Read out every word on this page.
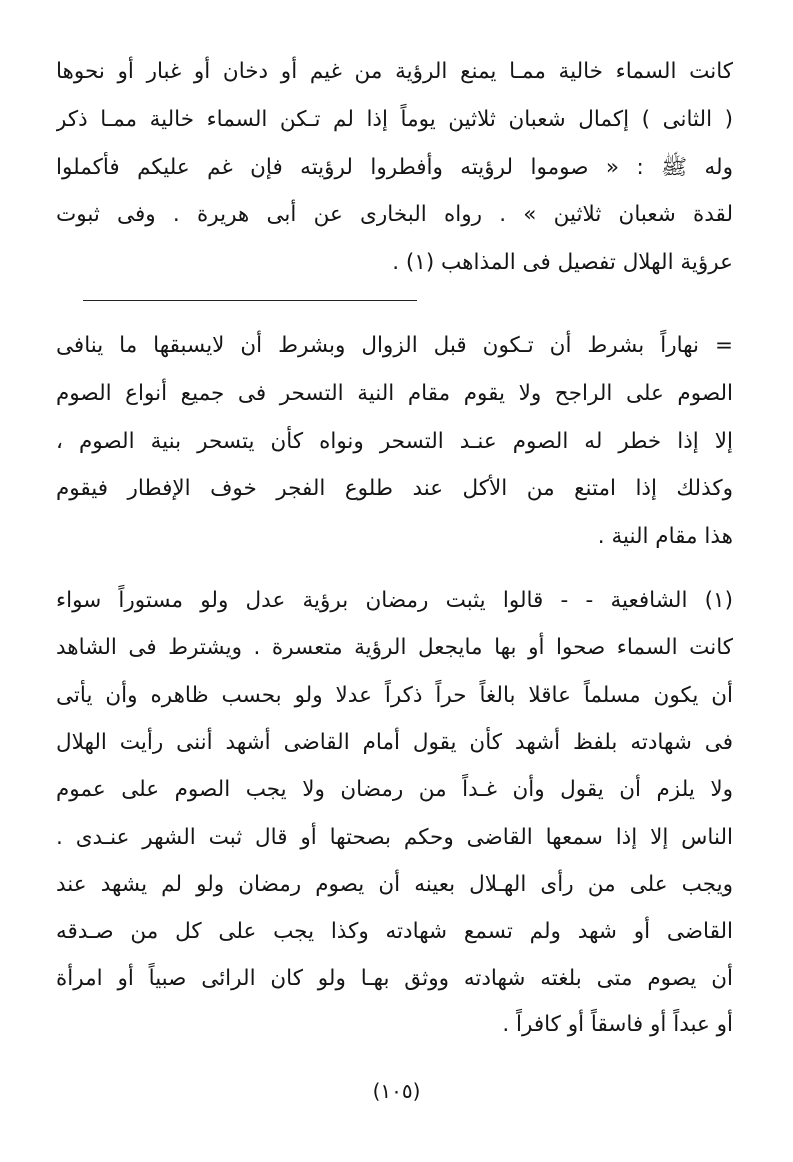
كانت السماء خالية ممـا يمنع الرؤية من غيم أو دخان أو غبار أو نحوها
( الثانى ) إكمال شعبان ثلاثين يوماً إذا لم تـكن السماء خالية ممـا ذكر
وله ﷺ : « صوموا لرؤيته وأفطروا لرؤيته فإن غم عليكم فأكملوا
لقدة شعبان ثلاثين » . رواه البخارى عن أبى هريرة . وفى ثبوت
عرؤية الهلال تفصيل فى المذاهب (١) .
= نهاراً بشرط أن تـكون قبل الزوال وبشرط أن لايسبقها ما ينافى
الصوم على الراجح ولا يقوم مقام النية التسحر فى جميع أنواع الصوم
إلا إذا خطر له الصوم عنـد التسحر ونواه كأن يتسحر بنية الصوم ،
وكذلك إذا امتنع من الأكل عند طلوع الفجر خوف الإفطار فيقوم
هذا مقام النية .
(١) الشافعية - - قالوا يثبت رمضان برؤية عدل ولو مستوراً سواء
كانت السماء صحوا أو بها مايجعل الرؤية متعسرة . ويشترط فى الشاهد
أن يكون مسلماً عاقلا بالغاً حراً ذكراً عدلا ولو بحسب ظاهره وأن يأتى
فى شهادته بلفظ أشهد كأن يقول أمام القاضى أشهد أننى رأيت الهلال
ولا يلزم أن يقول وأن غـداً من رمضان ولا يجب الصوم على عموم
الناس إلا إذا سمعها القاضى وحكم بصحتها أو قال ثبت الشهر عنـدى .
ويجب على من رأى الهـلال بعينه أن يصوم رمضان ولو لم يشهد عند
القاضى أو شهد ولم تسمع شهادته وكذا يجب على كل من صـدقه
أن يصوم متى بلغته شهادته ووثق بهـا ولو كان الرائى صبياً أو امرأة
أو عبداً أو فاسقاً أو كافراً .
(١٠٥)
